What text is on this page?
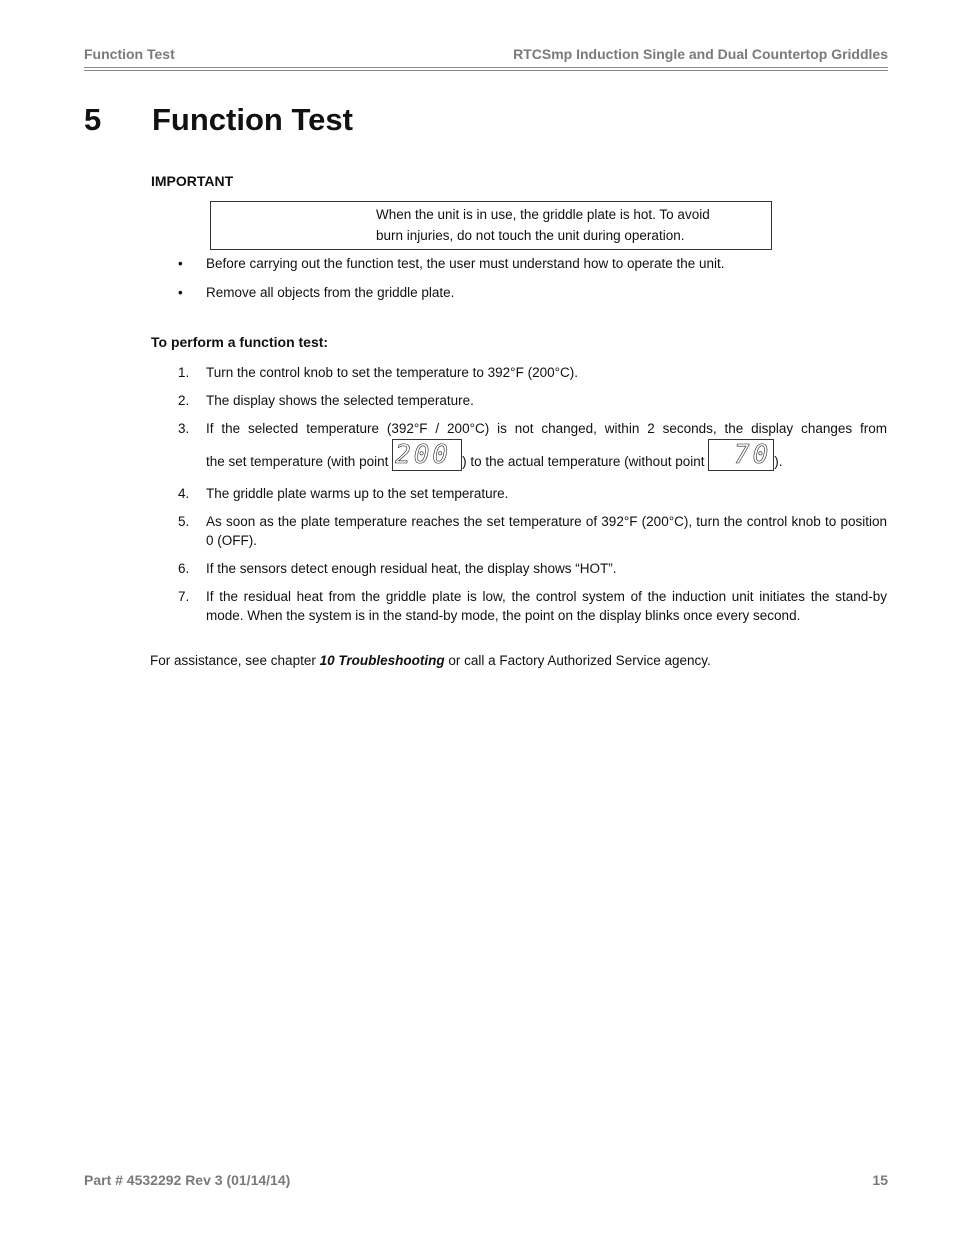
Function Test	RTCSmp Induction Single and Dual Countertop Griddles
5 Function Test
IMPORTANT
When the unit is in use, the griddle plate is hot. To avoid
burn injuries, do not touch the unit during operation.
• Before carrying out the function test, the user must understand how to operate the unit.
• Remove all objects from the griddle plate.
To perform a function test:
1. Turn the control knob to set the temperature to 392°F (200°C).
2. The display shows the selected temperature.
3. If the selected temperature (392°F / 200°C) is not changed, within 2 seconds, the display changes from
the set temperature (with point 200 ) to the actual temperature (without point 70 ).
4. The griddle plate warms up to the set temperature.
5. As soon as the plate temperature reaches the set temperature of 392°F (200°C), turn the control knob to position 0 (OFF).
6. If the sensors detect enough residual heat, the display shows “HOT”.
7. If the residual heat from the griddle plate is low, the control system of the induction unit initiates the stand-by mode. When the system is in the stand-by mode, the point on the display blinks once every second.
For assistance, see chapter 10 Troubleshooting or call a Factory Authorized Service agency.
Part # 4532292 Rev 3 (01/14/14)	15
